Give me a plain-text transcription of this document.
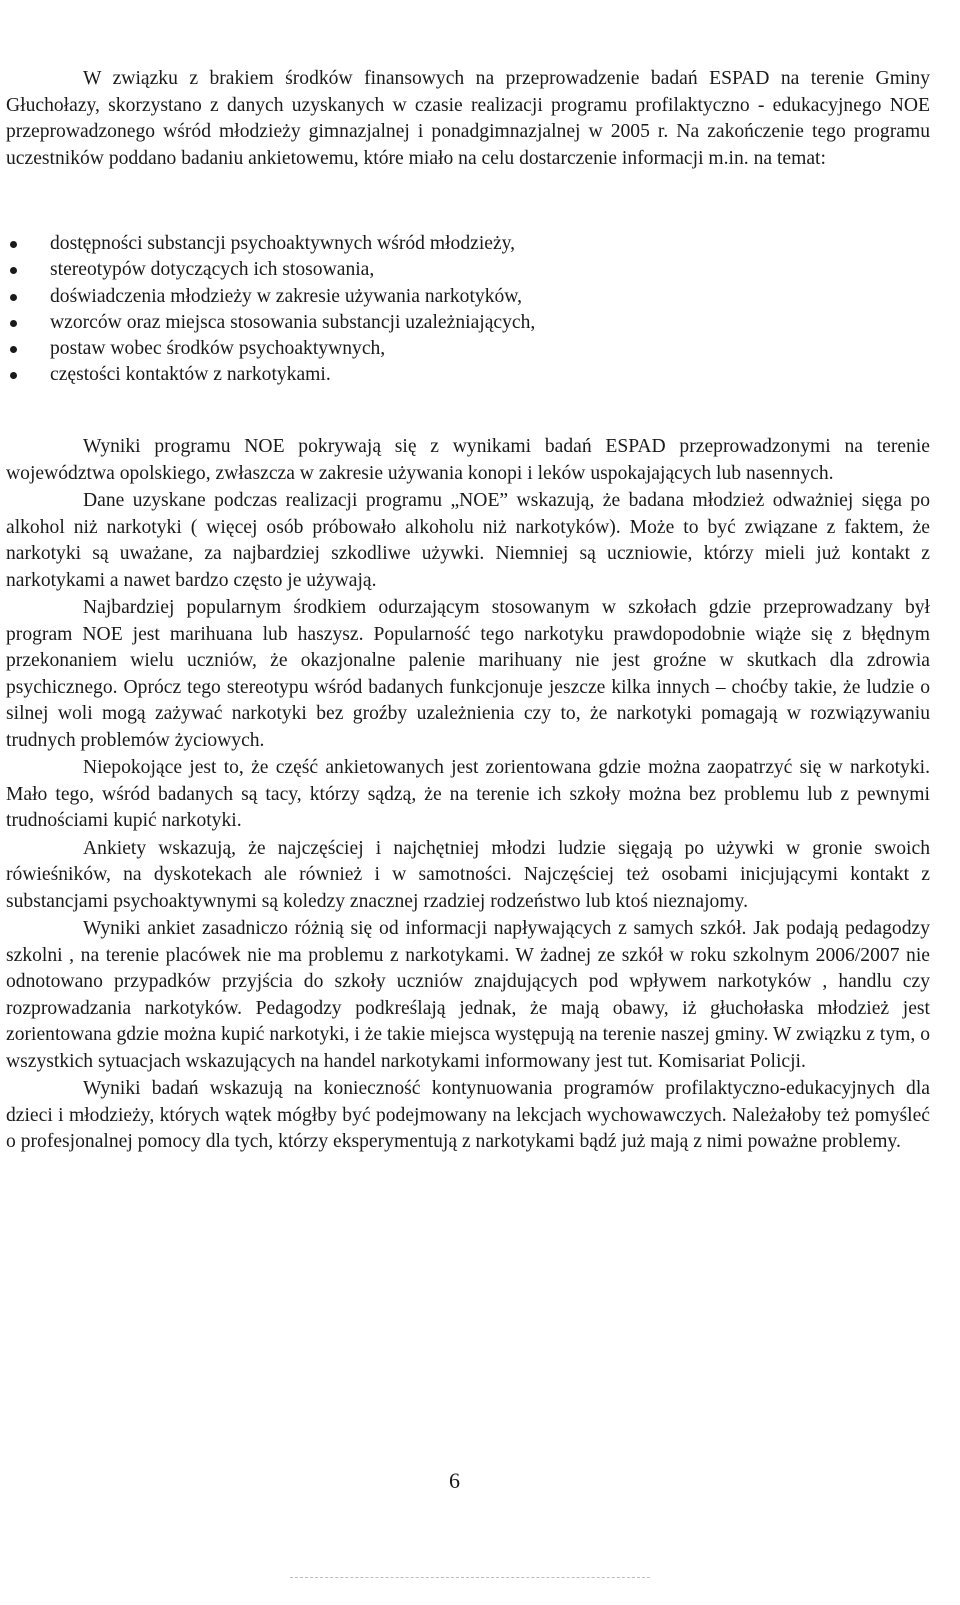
W związku z brakiem środków finansowych na przeprowadzenie badań ESPAD na terenie Gminy Głuchołazy, skorzystano z danych uzyskanych w czasie realizacji programu profilaktyczno - edukacyjnego NOE przeprowadzonego wśród młodzieży gimnazjalnej i ponadgimnazjalnej w 2005 r. Na zakończenie tego programu uczestników poddano badaniu ankietowemu, które miało na celu dostarczenie informacji m.in. na temat:

dostępności substancji psychoaktywnych wśród młodzieży,
stereotypów dotyczących ich stosowania,
doświadczenia młodzieży w zakresie używania narkotyków,
wzorców oraz miejsca stosowania substancji uzależniających,
postaw wobec środków psychoaktywnych,
częstości kontaktów z narkotykami.

Wyniki programu NOE pokrywają się z wynikami badań ESPAD przeprowadzonymi na terenie województwa opolskiego, zwłaszcza w zakresie używania konopi i leków uspokajających lub nasennych.

Dane uzyskane podczas realizacji programu „NOE” wskazują, że badana młodzież odważniej sięga po alkohol niż narkotyki ( więcej osób próbowało alkoholu niż narkotyków). Może to być związane z faktem, że narkotyki są uważane, za najbardziej szkodliwe używki. Niemniej są uczniowie, którzy mieli już kontakt z narkotykami a nawet bardzo często je używają.

Najbardziej popularnym środkiem odurzającym stosowanym w szkołach gdzie przeprowadzany był program NOE jest marihuana lub haszysz. Popularność tego narkotyku prawdopodobnie wiąże się z błędnym przekonaniem wielu uczniów, że okazjonalne palenie marihuany nie jest groźne w skutkach dla zdrowia psychicznego. Oprócz tego stereotypu wśród badanych funkcjonuje jeszcze kilka innych – choćby takie, że ludzie o silnej woli mogą zażywać narkotyki bez groźby uzależnienia czy to, że narkotyki pomagają w rozwiązywaniu trudnych problemów życiowych.

Niepokojące jest to, że część ankietowanych jest zorientowana gdzie można zaopatrzyć się w narkotyki. Mało tego, wśród badanych są tacy, którzy sądzą, że na terenie ich szkoły można bez problemu lub z pewnymi trudnościami kupić narkotyki.

Ankiety wskazują, że najczęściej i najchętniej młodzi ludzie sięgają po używki w gronie swoich rówieśników, na dyskotekach ale również i w samotności. Najczęściej też osobami inicjującymi kontakt z substancjami psychoaktywnymi są koledzy znacznej rzadziej rodzeństwo lub ktoś nieznajomy.

Wyniki ankiet zasadniczo różnią się od informacji napływających z samych szkół. Jak podają pedagodzy szkolni , na terenie placówek nie ma problemu z narkotykami. W żadnej ze szkół w roku szkolnym 2006/2007 nie odnotowano przypadków przyjścia do szkoły uczniów znajdujących pod wpływem narkotyków , handlu czy rozprowadzania narkotyków. Pedagodzy podkreślają jednak, że mają obawy, iż głuchołaska młodzież jest zorientowana gdzie można kupić narkotyki, i że takie miejsca występują na terenie naszej gminy. W związku z tym, o wszystkich sytuacjach wskazujących na handel narkotykami informowany jest tut. Komisariat Policji.

Wyniki badań wskazują na konieczność kontynuowania programów profilaktyczno-edukacyjnych dla dzieci i młodzieży, których wątek mógłby być podejmowany na lekcjach wychowawczych. Należałoby też pomyśleć o profesjonalnej pomocy dla tych, którzy eksperymentują z narkotykami bądź już mają z nimi poważne problemy.

6
